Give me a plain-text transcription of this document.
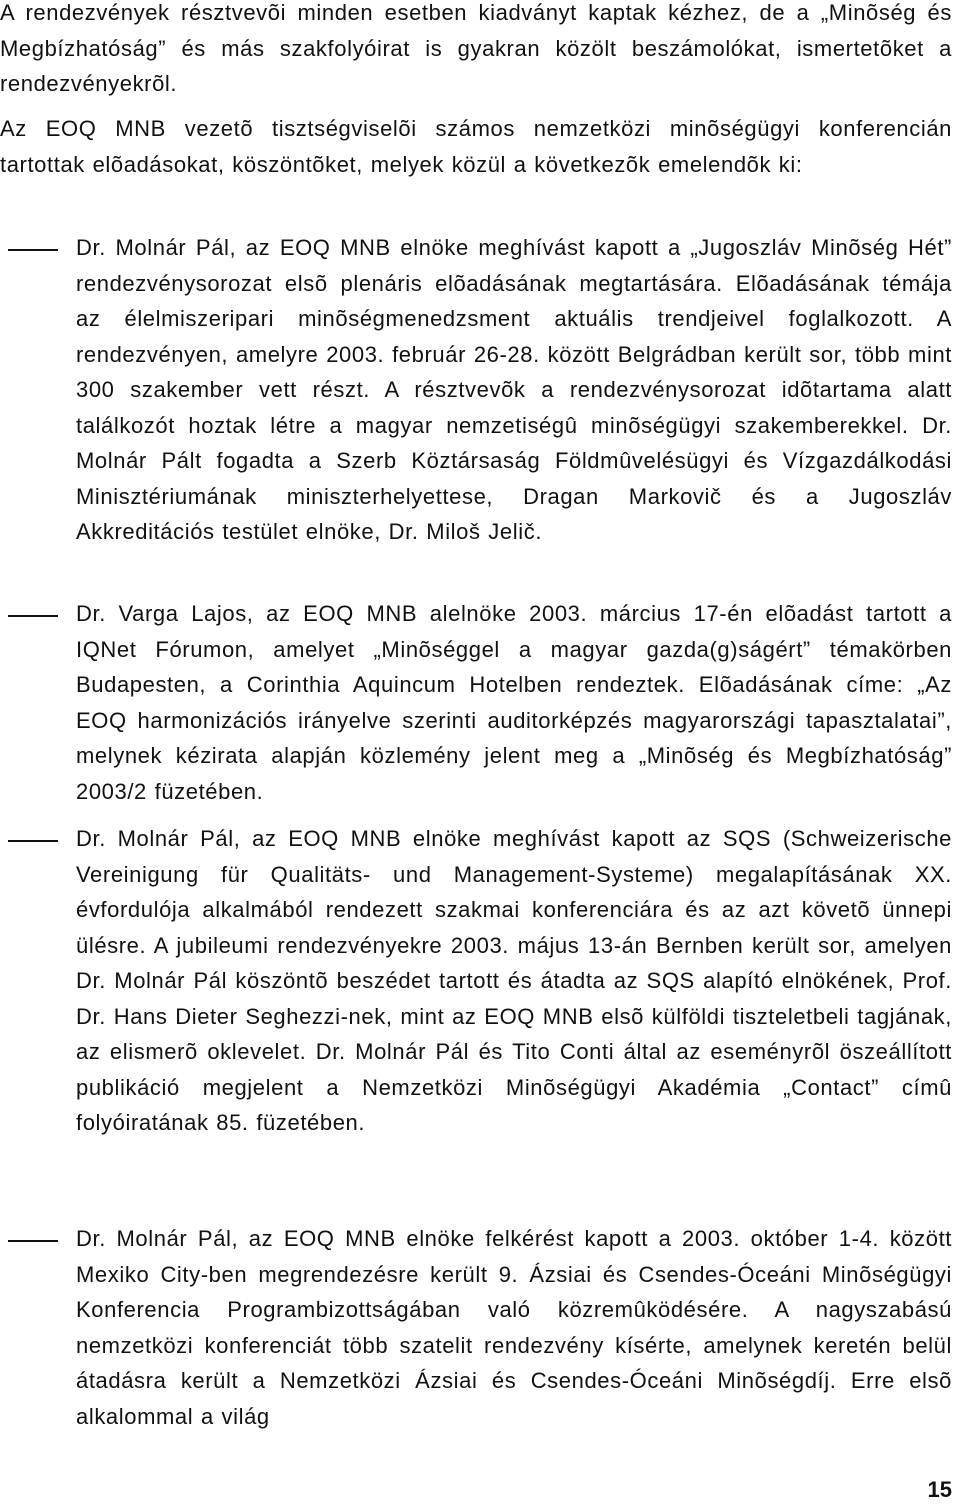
A rendezvények résztvevõi minden esetben kiadványt kaptak kézhez, de a „Minõség és Megbízhatóság” és más szakfolyóirat is gyakran közölt beszámolókat, ismertetõket a rendezvényekrõl.

Az EOQ MNB vezetõ tisztségviselõi számos nemzetközi minõségügyi konferencián tartottak elõadásokat, köszöntõket, melyek közül a következõk emelendõk ki:

Dr. Molnár Pál, az EOQ MNB elnöke meghívást kapott a „Jugoszláv Minõség Hét” rendezvénysorozat elsõ plenáris elõadásának megtartására. Elõadásának témája az élelmiszeripari minõségmenedzsment aktuális trendjeivel foglalkozott. A rendezvényen, amelyre 2003. február 26-28. között Belgrádban került sor, több mint 300 szakember vett részt. A résztvevõk a rendezvénysorozat idõtartama alatt találkozót hoztak létre a magyar nemzetiségû minõségügyi szakemberekkel. Dr. Molnár Pált fogadta a Szerb Köztársaság Földmûvelésügyi és Vízgazdálkodási Minisztériumának miniszterhelyettese, Dragan Markovič és a Jugoszláv Akkreditációs testület elnöke, Dr. Miloš Jelič.
Dr. Varga Lajos, az EOQ MNB alelnöke 2003. március 17-én elõadást tartott a IQNet Fórumon, amelyet „Minõséggel a magyar gazda(g)ságért” témakörben Budapesten, a Corinthia Aquincum Hotelben rendeztek. Elõadásának címe: „Az EOQ harmonizációs irányelve szerinti auditorképzés magyarországi tapasztalatai”, melynek kézirata alapján közlemény jelent meg a „Minõség és Megbízhatóság” 2003/2 füzetében.
Dr. Molnár Pál, az EOQ MNB elnöke meghívást kapott az SQS (Schweizerische Vereinigung für Qualitäts- und Management-Systeme) megalapításának XX. évfordulója alkalmából rendezett szakmai konferenciára és az azt követõ ünnepi ülésre. A jubileumi rendezvényekre 2003. május 13-án Bernben került sor, amelyen Dr. Molnár Pál köszöntõ beszédet tartott és átadta az SQS alapító elnökének, Prof. Dr. Hans Dieter Seghezzi-nek, mint az EOQ MNB elsõ külföldi tiszteletbeli tagjának, az elismerõ oklevelet. Dr. Molnár Pál és Tito Conti által az eseményrõl öszeállított publikáció megjelent a Nemzetközi Minõségügyi Akadémia „Contact” címû folyóiratának 85. füzetében.
Dr. Molnár Pál, az EOQ MNB elnöke felkérést kapott a 2003. október 1-4. között Mexiko City-ben megrendezésre került 9. Ázsiai és Csendes-Óceáni Minõségügyi Konferencia Programbizottságában való közremûködésére. A nagyszabású nemzetközi konferenciát több szatelit rendezvény kísérte, amelynek keretén belül átadásra került a Nemzetközi Ázsiai és Csendes-Óceáni Minõségdíj. Erre elsõ alkalommal a világ
15
